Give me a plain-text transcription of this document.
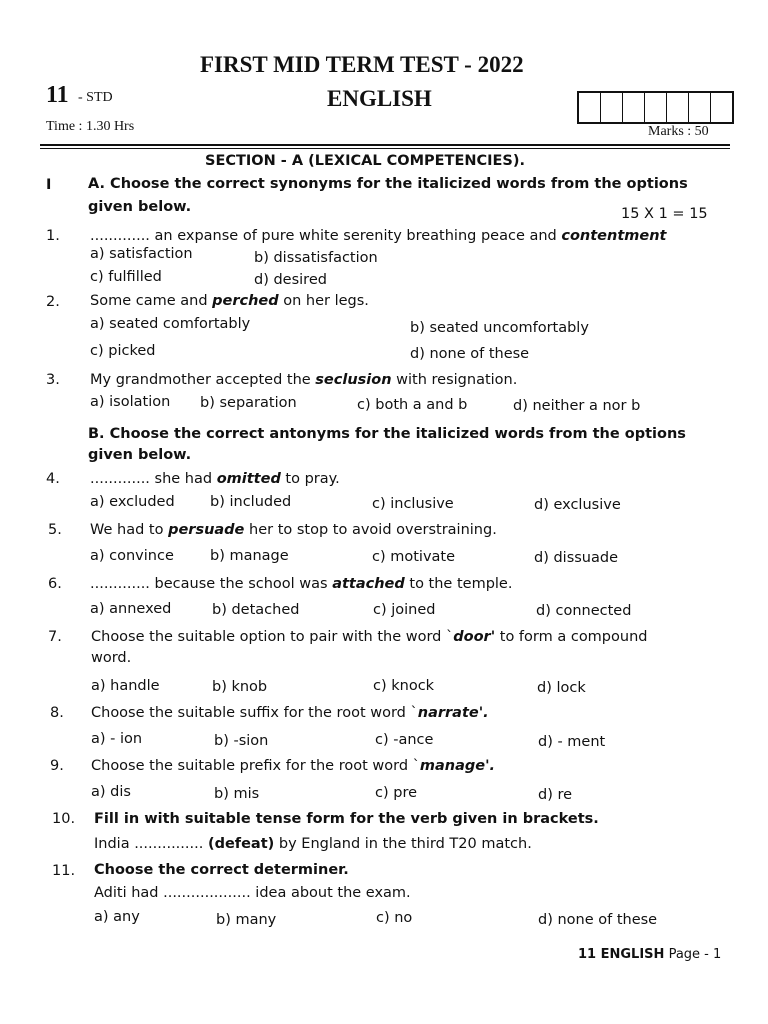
FIRST MID TERM TEST - 2022
ENGLISH
11 - STD
Time : 1.30 Hrs	Marks : 50
SECTION - A (LEXICAL COMPETENCIES).
I	A. Choose the correct synonyms for the italicized words from the options
given below.	15 X 1 = 15
1. ............. an expanse of pure white serenity breathing peace and contentment
a) satisfaction	b) dissatisfaction
c) fulfilled	d) desired
2. Some came and perched on her legs.
a) seated comfortably	b) seated uncomfortably
c) picked	d) none of these
3. My grandmother accepted the seclusion with resignation.
a) isolation b) separation	c) both a and b	d) neither a nor b
B. Choose the correct antonyms for the italicized words from the options
given below.
4. ............. she had omitted to pray.
a) excluded b) included	c) inclusive	d) exclusive
5. We had to persuade her to stop to avoid overstraining.
a) convince b) manage	c) motivate	d) dissuade
6. ............. because the school was attached to the temple.
a) annexed	b) detached	c) joined	d) connected
7. Choose the suitable option to pair with the word `door' to form a compound
word.
a) handle	b) knob	c) knock	d) lock
8. Choose the suitable suffix for the root word `narrate'.
a) - ion	b) -sion	c) -ance	d) - ment
9. Choose the suitable prefix for the root word `manage'.
a) dis	b) mis	c) pre	d) re
10. Fill in with suitable tense form for the verb given in brackets.
India ............... (defeat) by England in the third T20 match.
11. Choose the correct determiner.
Aditi had ................... idea about the exam.
a) any	b) many	c) no	d) none of these
11 ENGLISH Page - 1
